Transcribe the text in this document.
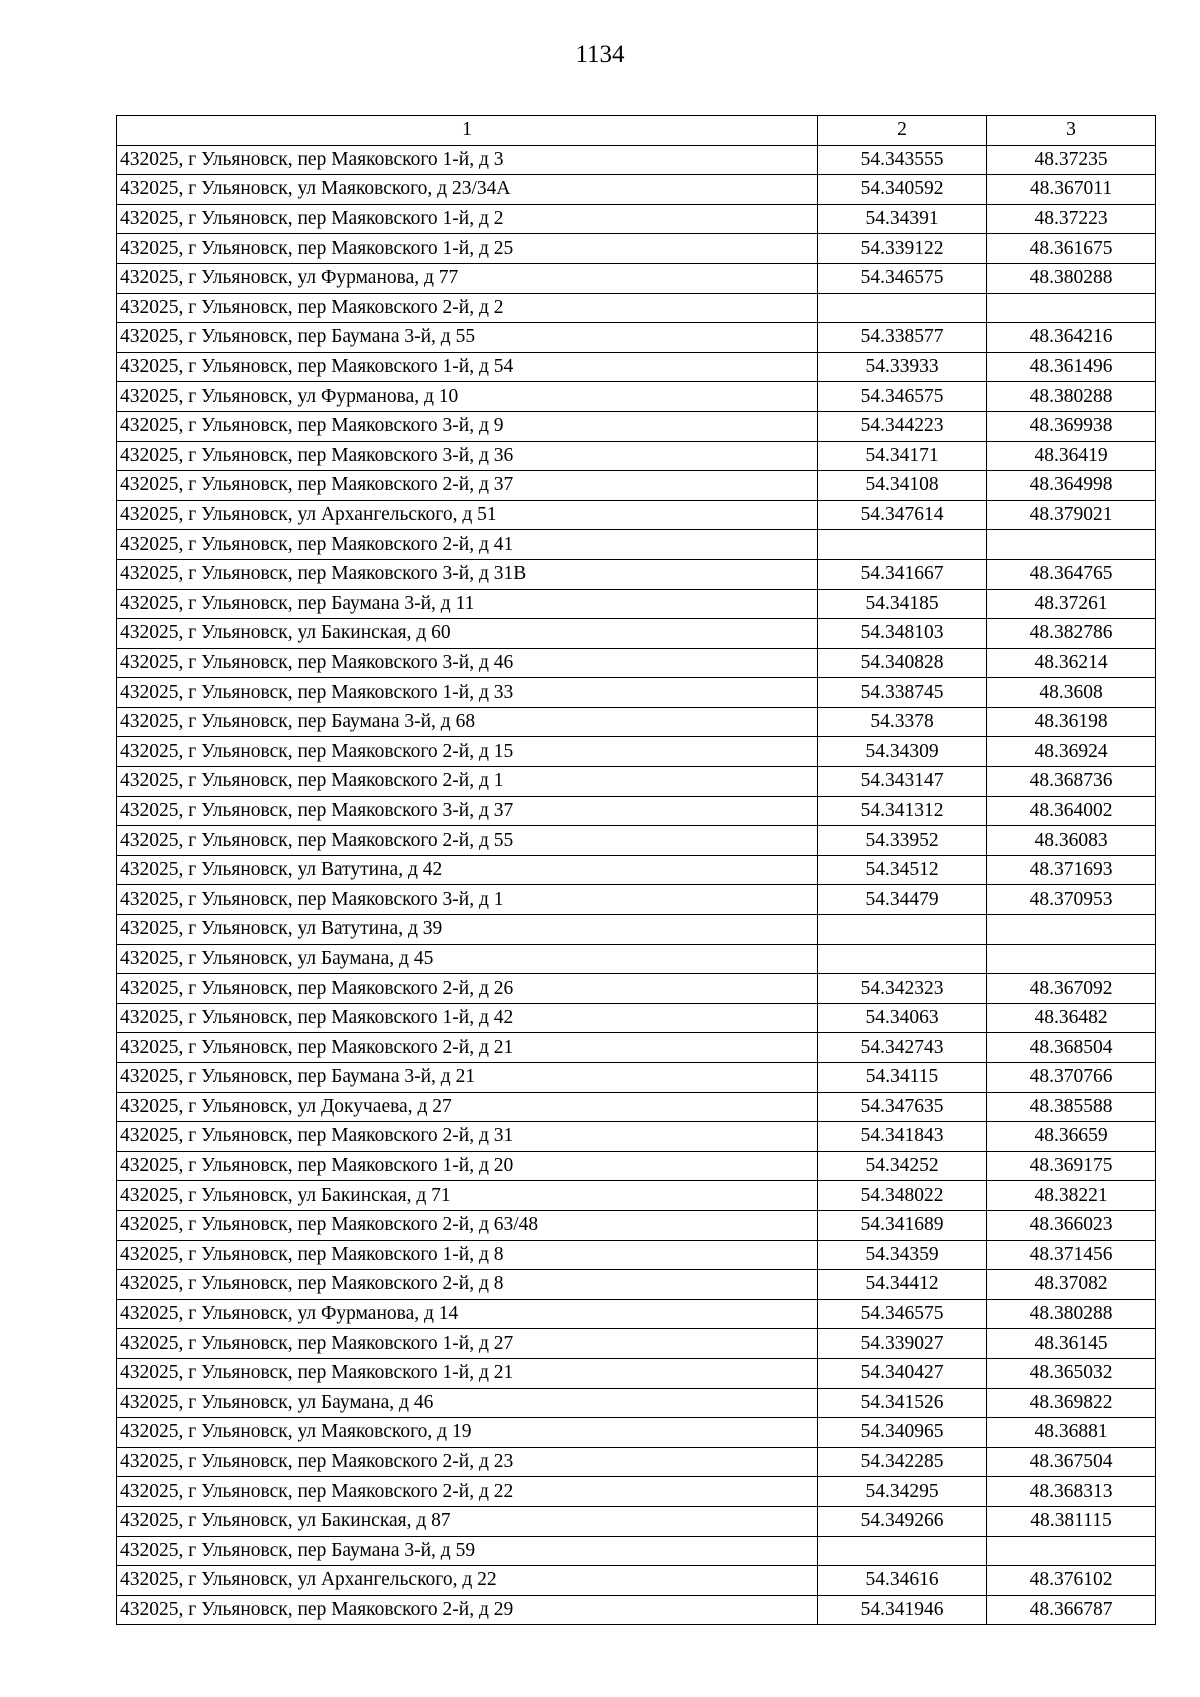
1134
1	2	3
432025, г Ульяновск, пер Маяковского 1-й, д 3	54.343555	48.37235
432025, г Ульяновск, ул Маяковского, д 23/34А	54.340592	48.367011
432025, г Ульяновск, пер Маяковского 1-й, д 2	54.34391	48.37223
432025, г Ульяновск, пер Маяковского 1-й, д 25	54.339122	48.361675
432025, г Ульяновск, ул Фурманова, д 77	54.346575	48.380288
432025, г Ульяновск, пер Маяковского 2-й, д 2		
432025, г Ульяновск, пер Баумана 3-й, д 55	54.338577	48.364216
432025, г Ульяновск, пер Маяковского 1-й, д 54	54.33933	48.361496
432025, г Ульяновск, ул Фурманова, д 10	54.346575	48.380288
432025, г Ульяновск, пер Маяковского 3-й, д 9	54.344223	48.369938
432025, г Ульяновск, пер Маяковского 3-й, д 36	54.34171	48.36419
432025, г Ульяновск, пер Маяковского 2-й, д 37	54.34108	48.364998
432025, г Ульяновск, ул Архангельского, д 51	54.347614	48.379021
432025, г Ульяновск, пер Маяковского 2-й, д 41		
432025, г Ульяновск, пер Маяковского 3-й, д 31В	54.341667	48.364765
432025, г Ульяновск, пер Баумана 3-й, д 11	54.34185	48.37261
432025, г Ульяновск, ул Бакинская, д 60	54.348103	48.382786
432025, г Ульяновск, пер Маяковского 3-й, д 46	54.340828	48.36214
432025, г Ульяновск, пер Маяковского 1-й, д 33	54.338745	48.3608
432025, г Ульяновск, пер Баумана 3-й, д 68	54.3378	48.36198
432025, г Ульяновск, пер Маяковского 2-й, д 15	54.34309	48.36924
432025, г Ульяновск, пер Маяковского 2-й, д 1	54.343147	48.368736
432025, г Ульяновск, пер Маяковского 3-й, д 37	54.341312	48.364002
432025, г Ульяновск, пер Маяковского 2-й, д 55	54.33952	48.36083
432025, г Ульяновск, ул Ватутина, д 42	54.34512	48.371693
432025, г Ульяновск, пер Маяковского 3-й, д 1	54.34479	48.370953
432025, г Ульяновск, ул Ватутина, д 39		
432025, г Ульяновск, ул Баумана, д 45		
432025, г Ульяновск, пер Маяковского 2-й, д 26	54.342323	48.367092
432025, г Ульяновск, пер Маяковского 1-й, д 42	54.34063	48.36482
432025, г Ульяновск, пер Маяковского 2-й, д 21	54.342743	48.368504
432025, г Ульяновск, пер Баумана 3-й, д 21	54.34115	48.370766
432025, г Ульяновск, ул Докучаева, д 27	54.347635	48.385588
432025, г Ульяновск, пер Маяковского 2-й, д 31	54.341843	48.36659
432025, г Ульяновск, пер Маяковского 1-й, д 20	54.34252	48.369175
432025, г Ульяновск, ул Бакинская, д 71	54.348022	48.38221
432025, г Ульяновск, пер Маяковского 2-й, д 63/48	54.341689	48.366023
432025, г Ульяновск, пер Маяковского 1-й, д 8	54.34359	48.371456
432025, г Ульяновск, пер Маяковского 2-й, д 8	54.34412	48.37082
432025, г Ульяновск, ул Фурманова, д 14	54.346575	48.380288
432025, г Ульяновск, пер Маяковского 1-й, д 27	54.339027	48.36145
432025, г Ульяновск, пер Маяковского 1-й, д 21	54.340427	48.365032
432025, г Ульяновск, ул Баумана, д 46	54.341526	48.369822
432025, г Ульяновск, ул Маяковского, д 19	54.340965	48.36881
432025, г Ульяновск, пер Маяковского 2-й, д 23	54.342285	48.367504
432025, г Ульяновск, пер Маяковского 2-й, д 22	54.34295	48.368313
432025, г Ульяновск, ул Бакинская, д 87	54.349266	48.381115
432025, г Ульяновск, пер Баумана 3-й, д 59		
432025, г Ульяновск, ул Архангельского, д 22	54.34616	48.376102
432025, г Ульяновск, пер Маяковского 2-й, д 29	54.341946	48.366787
